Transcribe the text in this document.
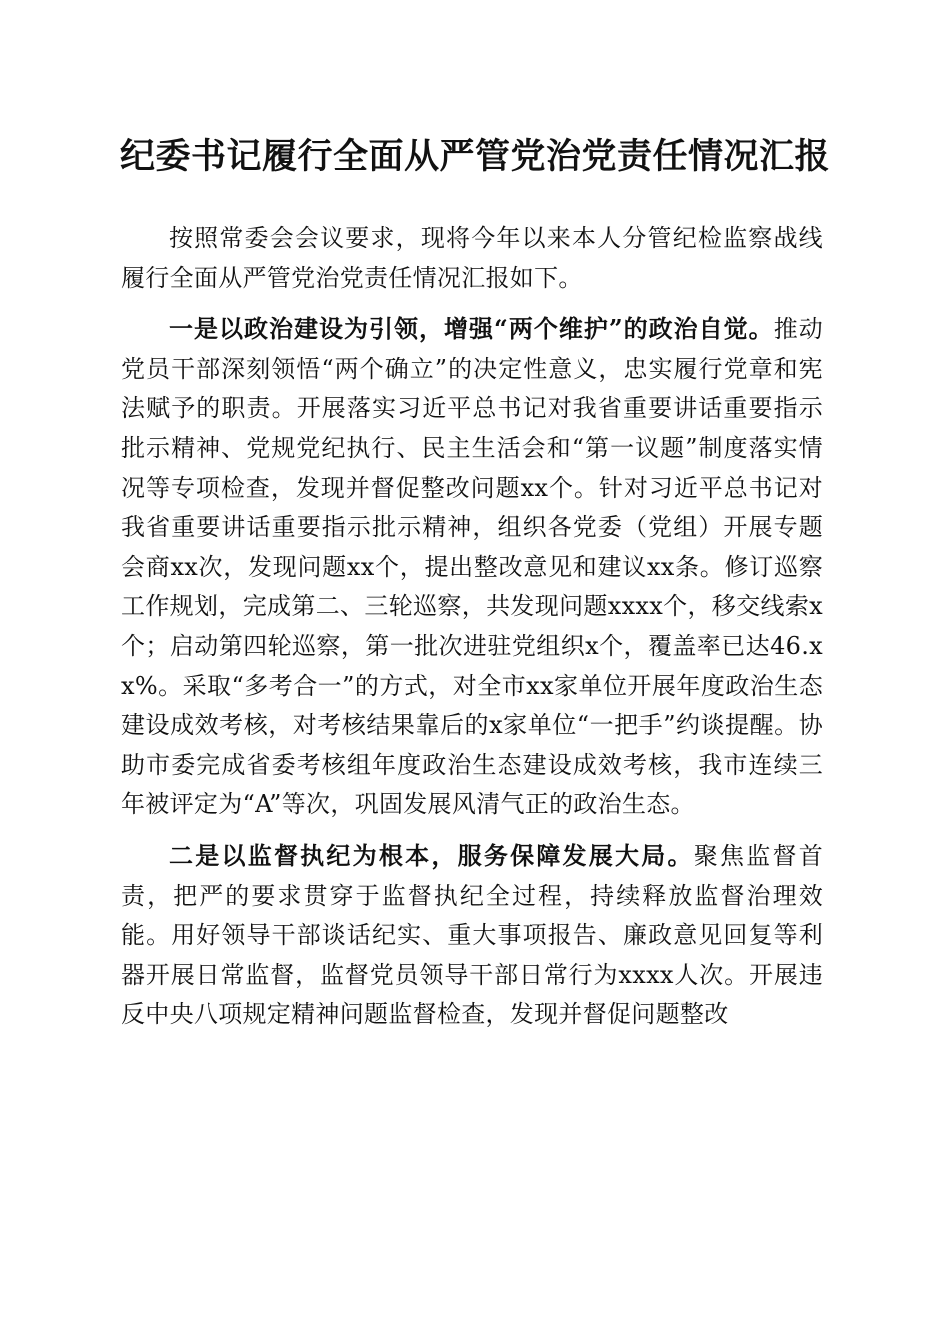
纪委书记履行全面从严管党治党责任情况汇报

按照常委会会议要求，现将今年以来本人分管纪检监察战线履行全面从严管党治党责任情况汇报如下。

一是以政治建设为引领，增强“两个维护”的政治自觉。推动党员干部深刻领悟“两个确立”的决定性意义，忠实履行党章和宪法赋予的职责。开展落实习近平总书记对我省重要讲话重要指示批示精神、党规党纪执行、民主生活会和“第一议题”制度落实情况等专项检查，发现并督促整改问题xx个。针对习近平总书记对我省重要讲话重要指示批示精神，组织各党委（党组）开展专题会商xx次，发现问题xx个，提出整改意见和建议xx条。修订巡察工作规划，完成第二、三轮巡察，共发现问题xxxx个，移交线索x个；启动第四轮巡察，第一批次进驻党组织x个，覆盖率已达46.xx%。采取“多考合一”的方式，对全市xx家单位开展年度政治生态建设成效考核，对考核结果靠后的x家单位“一把手”约谈提醒。协助市委完成省委考核组年度政治生态建设成效考核，我市连续三年被评定为“A”等次，巩固发展风清气正的政治生态。

二是以监督执纪为根本，服务保障发展大局。聚焦监督首责，把严的要求贯穿于监督执纪全过程，持续释放监督治理效能。用好领导干部谈话纪实、重大事项报告、廉政意见回复等利器开展日常监督，监督党员领导干部日常行为xxxx人次。开展违反中央八项规定精神问题监督检查，发现并督促问题整改
